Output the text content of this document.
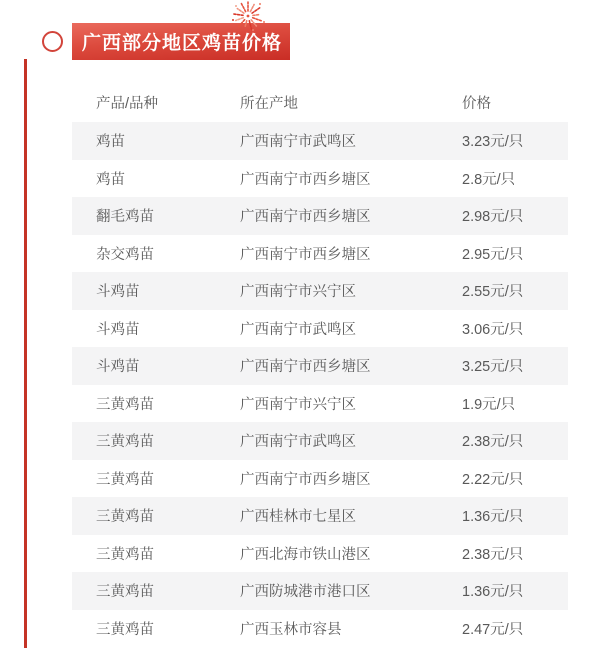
广西部分地区鸡苗价格
产品/品种	所在产地	价格
鸡苗	广西南宁市武鸣区	3.23元/只
鸡苗	广西南宁市西乡塘区	2.8元/只
翻毛鸡苗	广西南宁市西乡塘区	2.98元/只
杂交鸡苗	广西南宁市西乡塘区	2.95元/只
斗鸡苗	广西南宁市兴宁区	2.55元/只
斗鸡苗	广西南宁市武鸣区	3.06元/只
斗鸡苗	广西南宁市西乡塘区	3.25元/只
三黄鸡苗	广西南宁市兴宁区	1.9元/只
三黄鸡苗	广西南宁市武鸣区	2.38元/只
三黄鸡苗	广西南宁市西乡塘区	2.22元/只
三黄鸡苗	广西桂林市七星区	1.36元/只
三黄鸡苗	广西北海市铁山港区	2.38元/只
三黄鸡苗	广西防城港市港口区	1.36元/只
三黄鸡苗	广西玉林市容县	2.47元/只
